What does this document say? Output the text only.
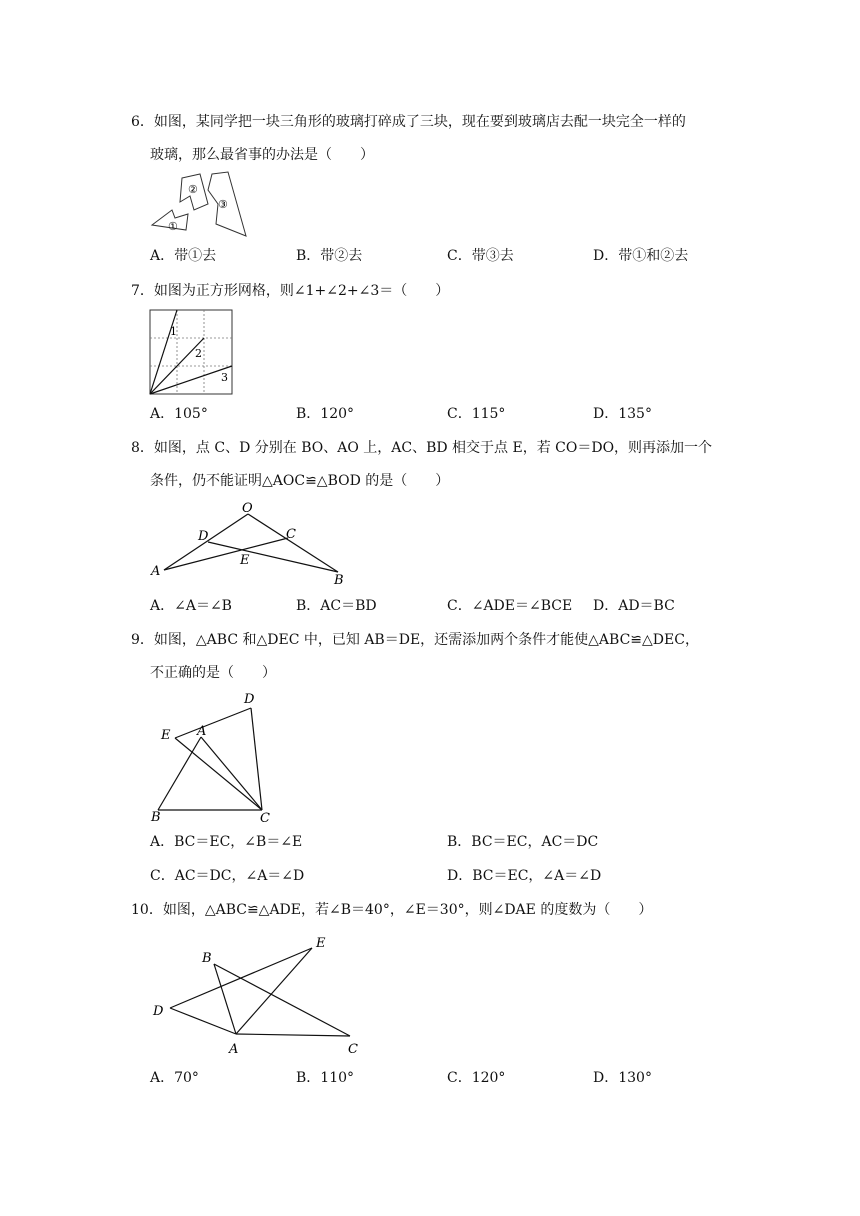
6．如图，某同学把一块三角形的玻璃打碎成了三块，现在要到玻璃店去配一块完全一样的
玻璃，那么最省事的办法是（　　）
①
②
③
A．带①去	B．带②去	C．带③去	D．带①和②去
7．如图为正方形网格，则∠1+∠2+∠3＝（　　）
1
2
3
A．105°	B．120°	C．115°	D．135°
8．如图，点 C、D 分别在 BO、AO 上，AC、BD 相交于点 E，若 CO＝DO，则再添加一个
条件，仍不能证明△AOC≌△BOD 的是（　　）
O
D	C
E
A
B
A．∠A＝∠B	B．AC＝BD	C．∠ADE＝∠BCE D．AD＝BC
9．如图，△ABC 和△DEC 中，已知 AB＝DE，还需添加两个条件才能使△ABC≌△DEC，
不正确的是（　　）
D
E A
B	C
A．BC＝EC，∠B＝∠E	B．BC＝EC，AC＝DC
C．AC＝DC，∠A＝∠D	D．BC＝EC，∠A＝∠D
10．如图，△ABC≌△ADE，若∠B＝40°，∠E＝30°，则∠DAE 的度数为（　　）
B
E
D
A	C
A．70°	B．110°	C．120°	D．130°
